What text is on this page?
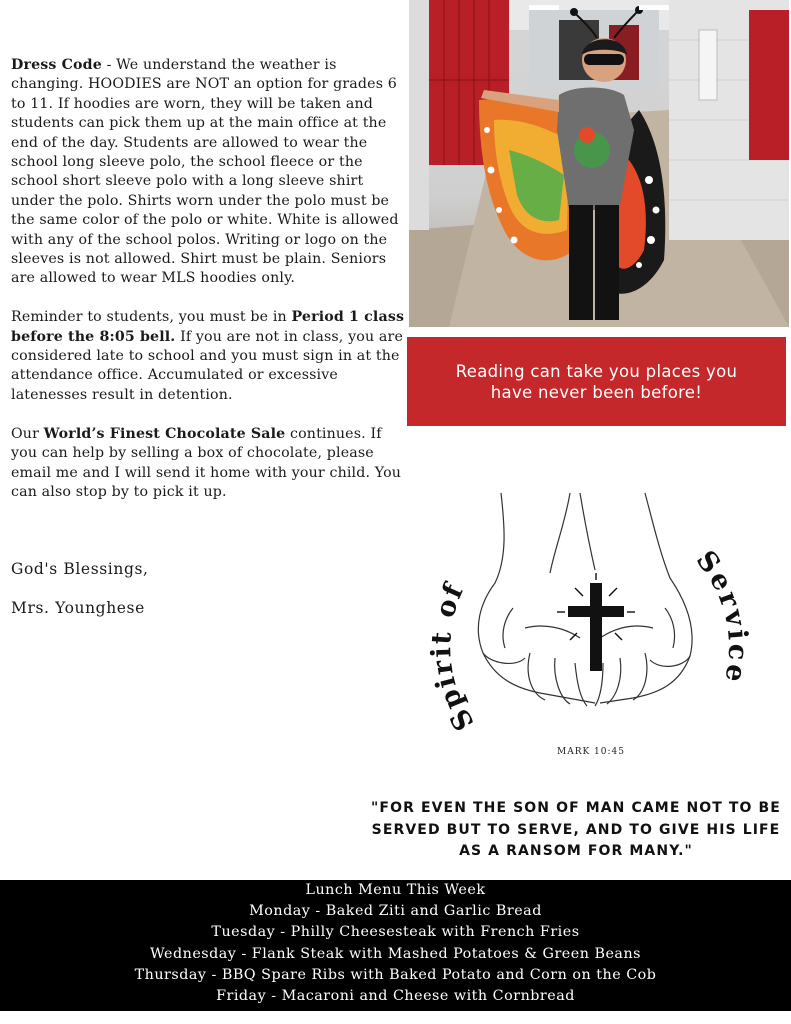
Dress Code - We understand the weather is changing. HOODIES are NOT an option for grades 6 to 11. If hoodies are worn, they will be taken and students can pick them up at the main office at the end of the day. Students are allowed to wear the school long sleeve polo, the school fleece or the school short sleeve polo with a long sleeve shirt under the polo. Shirts worn under the polo must be the same color of the polo or white. White is allowed with any of the school polos. Writing or logo on the sleeves is not allowed. Shirt must be plain. Seniors are allowed to wear MLS hoodies only.

Reminder to students, you must be in Period 1 class before the 8:05 bell. If you are not in class, you are considered late to school and you must sign in at the attendance office. Accumulated or excessive latenesses result in detention.

Our World’s Finest Chocolate Sale continues. If you can help by selling a box of chocolate, please email me and I will send it home with your child. You can also stop by to pick it up.

God's Blessings,

Mrs. Younghese

Reading can take you places you have never been before!
Spirit of
Service
MARK 10:45
"FOR EVEN THE SON OF MAN CAME NOT TO BE SERVED BUT TO SERVE, AND TO GIVE HIS LIFE AS A RANSOM FOR MANY."
Lunch Menu This Week
Monday - Baked Ziti and Garlic Bread
Tuesday - Philly Cheesesteak with French Fries
Wednesday - Flank Steak with Mashed Potatoes & Green Beans
Thursday - BBQ Spare Ribs with Baked Potato and Corn on the Cob
Friday - Macaroni and Cheese with Cornbread
